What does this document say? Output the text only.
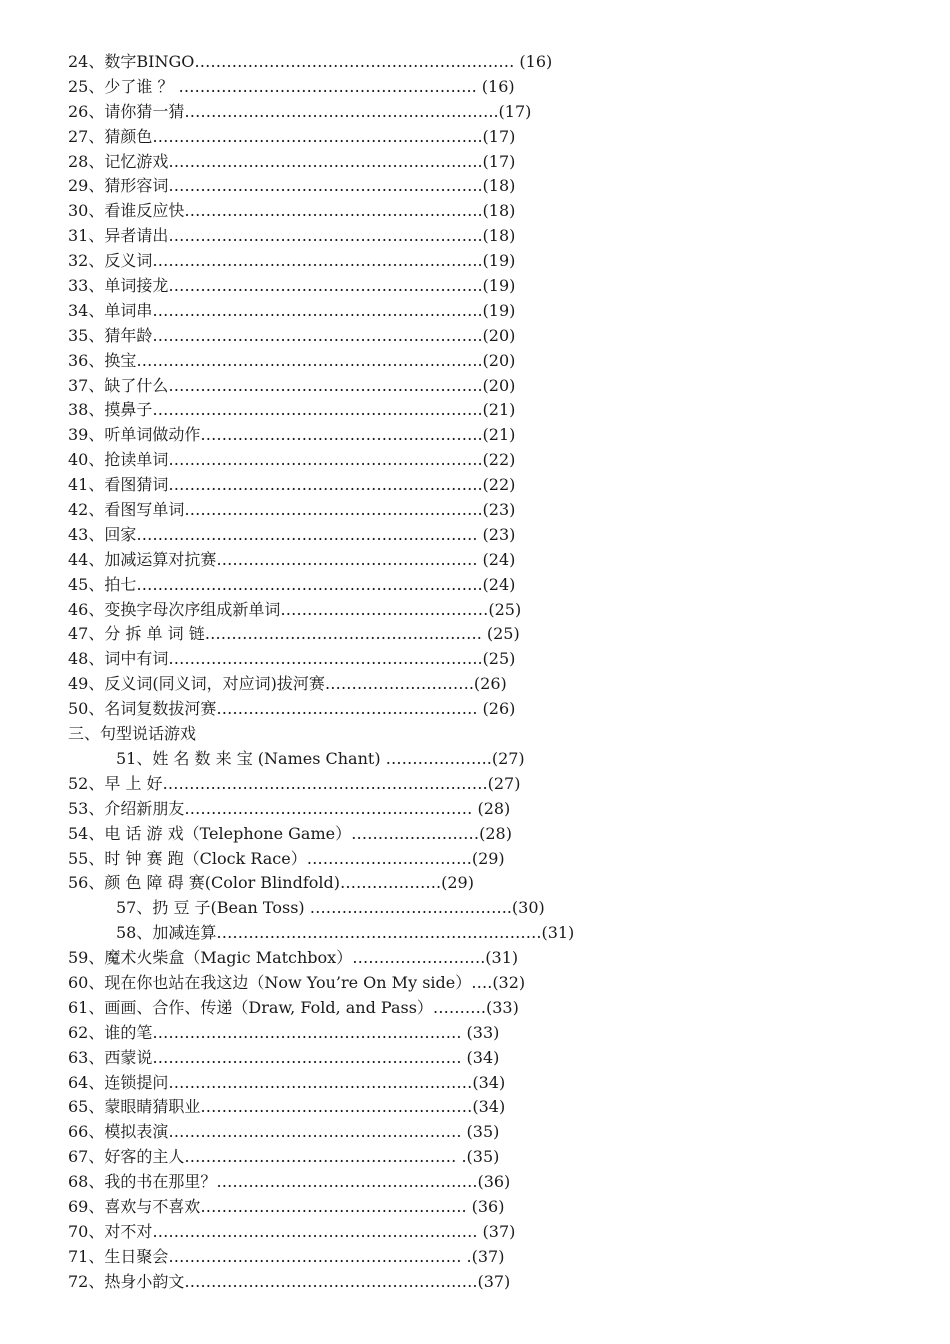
24、数字BINGO…………………………………………………… (16)
25、少了谁 ？ ……………………………………………….. (16)
26、请你猜一猜…………………………………………………..(17)
27、猜颜色……………………………………………………..(17)
28、记忆游戏…………………………………………………..(17)
29、猜形容词…………………………………………………..(18)
30、看谁反应快………………………………………………..(18)
31、异者请出…………………………………………………..(18)
32、反义词……………………………………………………..(19)
33、单词接龙…………………………………………………..(19)
34、单词串……………………………………………………..(19)
35、猜年龄……………………………………………………..(20)
36、换宝………………………………………………………..(20)
37、缺了什么…………………………………………………..(20)
38、摸鼻子……………………………………………………..(21)
39、听单词做动作……………………………………………..(21)
40、抢读单词…………………………………………………..(22)
41、看图猜词…………………………………………………..(22)
42、看图写单词………………………………………………..(23)
43、回家………………………………………………………. (23)
44、加减运算对抗赛…………………………………………. (24)
45、拍七………………………………………………………..(24)
46、变换字母次序组成新单词…………………………………(25)
47、分 拆 单 词 链……………………………………………. (25)
48、词中有词…………………………………………………..(25)
49、反义词(同义词，对应词)拔河赛……………………….(26)
50、名词复数拔河赛…………………………………………. (26)
三、句型说话游戏
51、姓 名 数 来 宝 (Names Chant) ………………..(27)
52、早 上 好…………………………………………………….(27)
53、介绍新朋友……………………………………………… (28)
54、电 话 游 戏（Telephone Game）……………………(28)
55、时 钟 赛 跑（Clock Race）………………………….(29)
56、颜 色 障 碍 赛(Color Blindfold)……………….(29)
57、扔 豆 子(Bean Toss) ………………………………..(30)
58、加减连算…………………………………………………….(31)
59、魔术火柴盒（Magic Matchbox）…………………….(31)
60、现在你也站在我这边（Now You’re On My side）….(32)
61、画画、合作、传递（Draw, Fold, and Pass）……….(33)
62、谁的笔…………………………………………………. (33)
63、西蒙说…………………………………………………. (34)
64、连锁提问…………………………………………………(34)
65、蒙眼睛猜职业……………………………………………(34)
66、模拟表演………………………………………………. (35)
67、好客的主人…………………………………………… .(35)
68、我的书在那里？………………………………………….(36)
69、喜欢与不喜欢………………………………………….. (36)
70、对不对……………………………………………………. (37)
71、生日聚会………………………………………………. .(37)
72、热身小韵文……………………………………………….(37)
